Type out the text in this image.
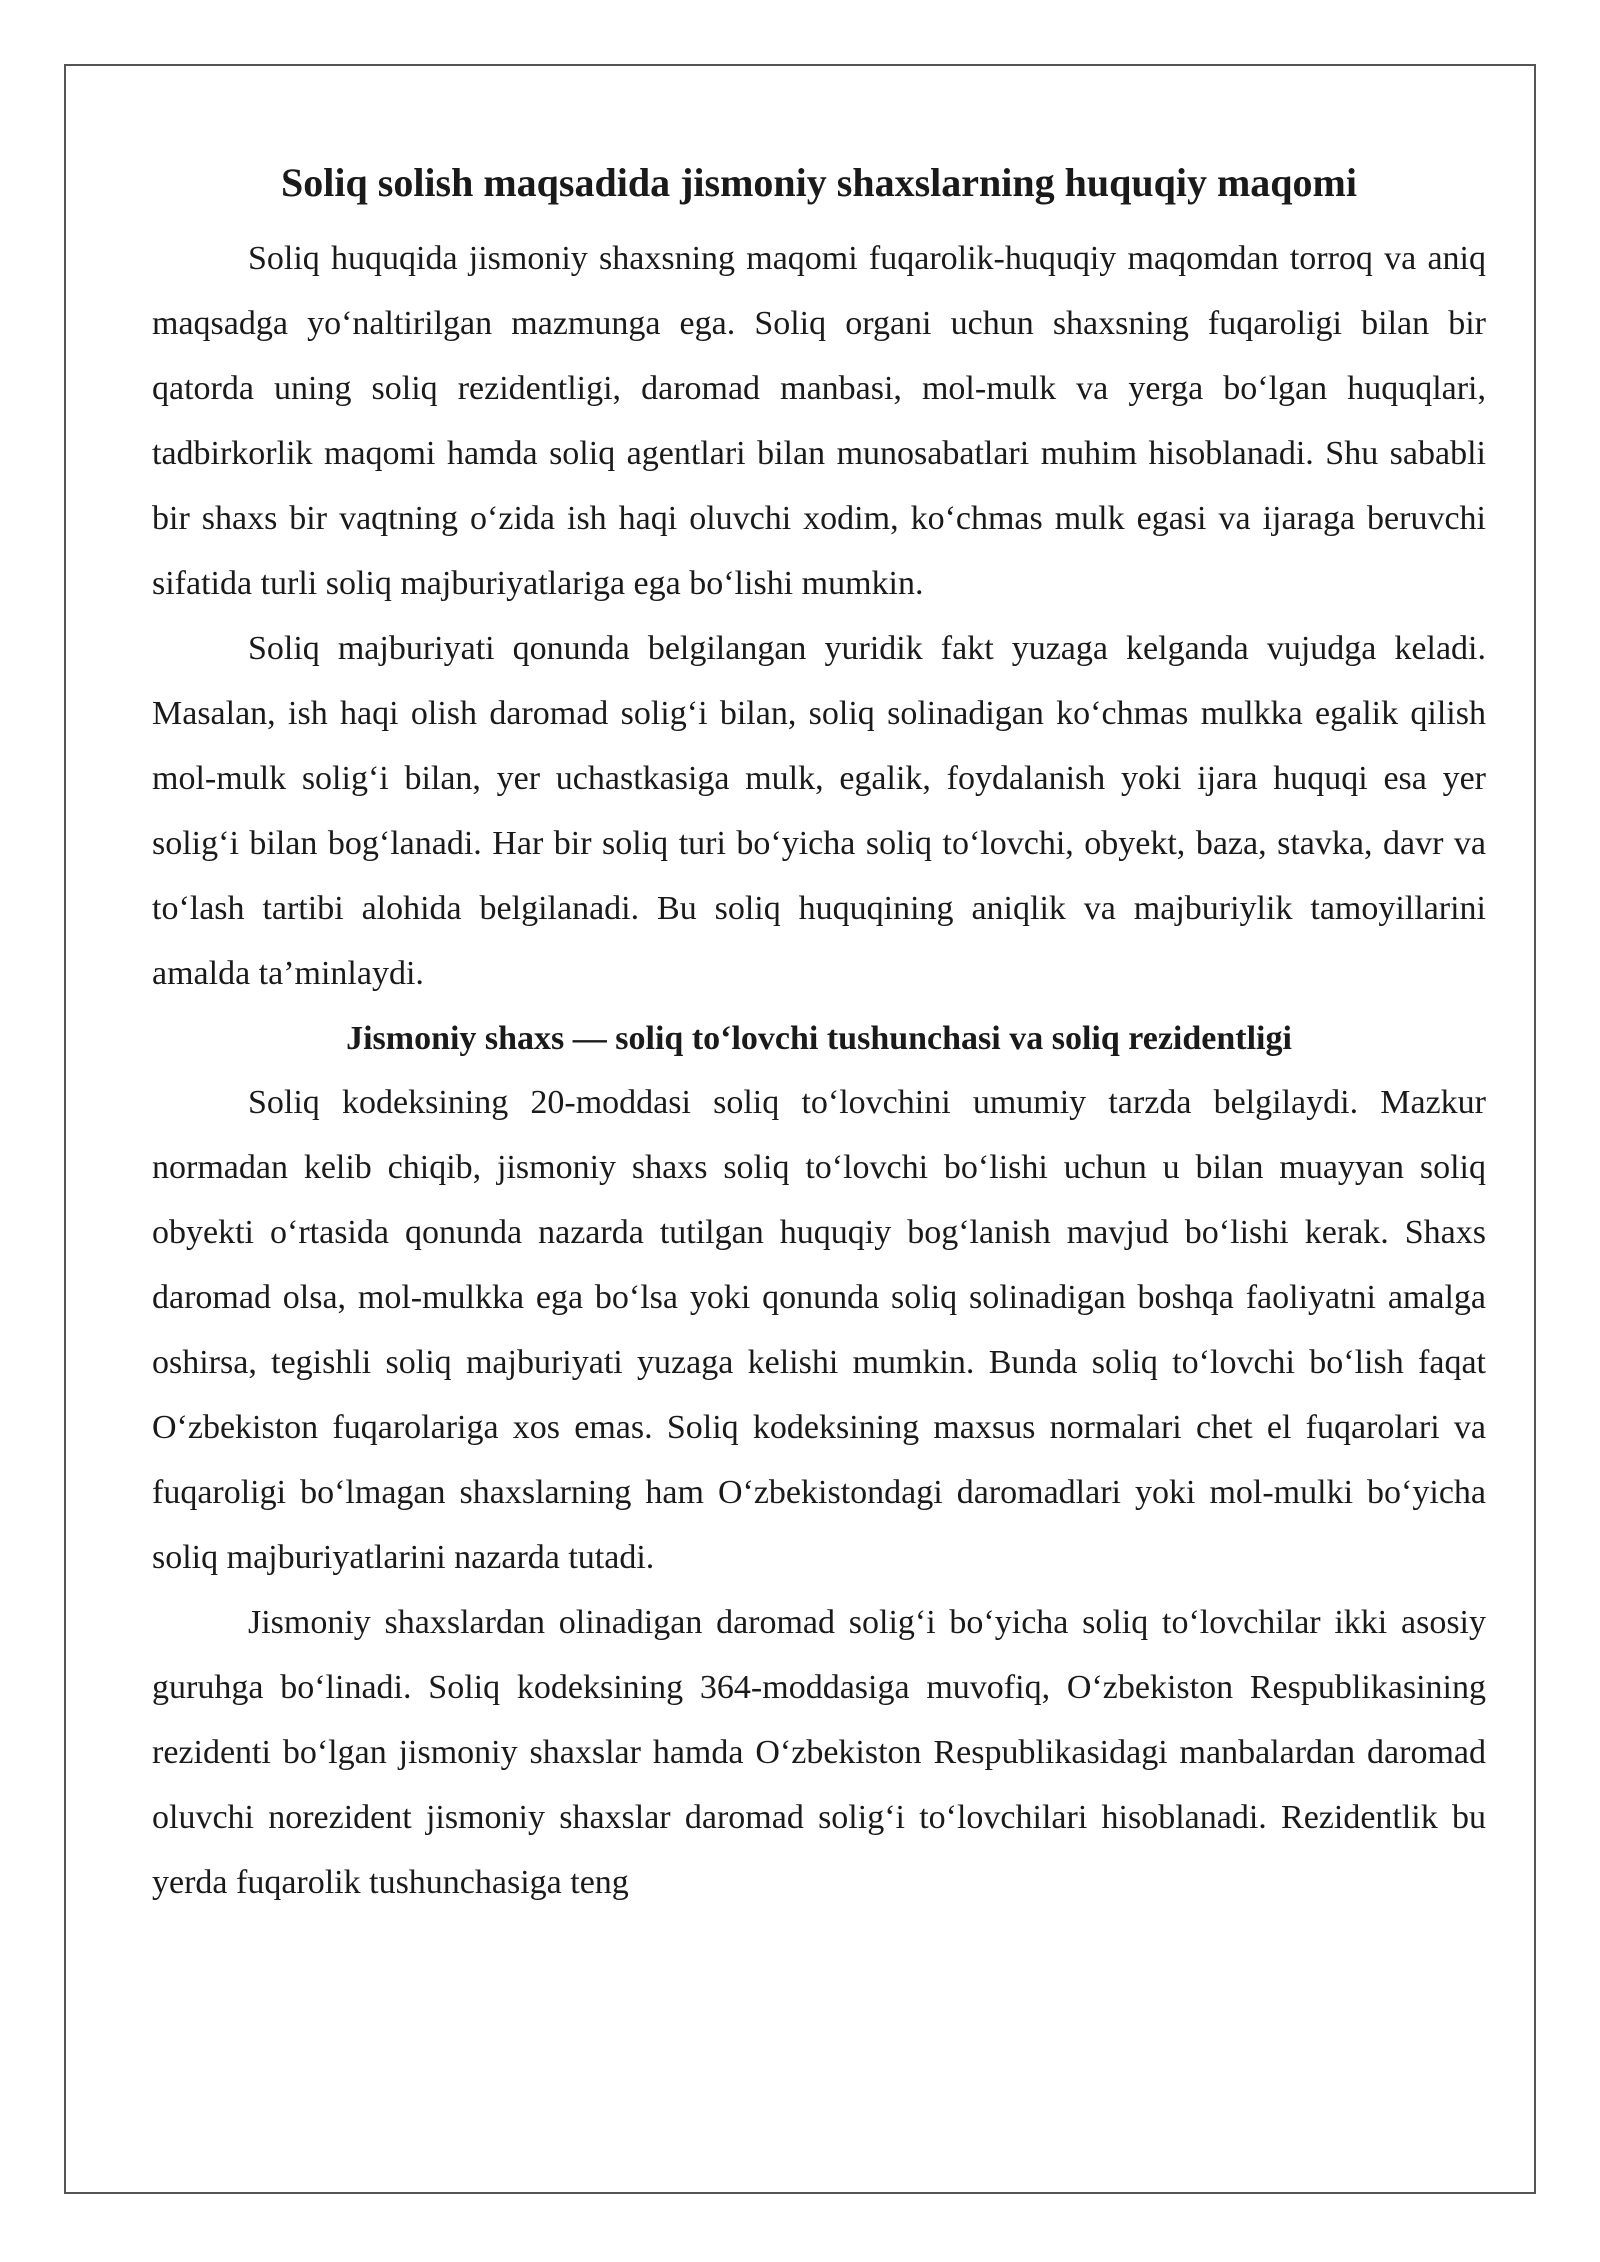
Soliq solish maqsadida jismoniy shaxslarning huquqiy maqomi

Soliq huquqida jismoniy shaxsning maqomi fuqarolik-huquqiy maqomdan torroq va aniq maqsadga yo‘naltirilgan mazmunga ega. Soliq organi uchun shaxsning fuqaroligi bilan bir qatorda uning soliq rezidentligi, daromad manbasi, mol-mulk va yerga bo‘lgan huquqlari, tadbirkorlik maqomi hamda soliq agentlari bilan munosabatlari muhim hisoblanadi. Shu sababli bir shaxs bir vaqtning o‘zida ish haqi oluvchi xodim, ko‘chmas mulk egasi va ijaraga beruvchi sifatida turli soliq majburiyatlariga ega bo‘lishi mumkin.

Soliq majburiyati qonunda belgilangan yuridik fakt yuzaga kelganda vujudga keladi. Masalan, ish haqi olish daromad solig‘i bilan, soliq solinadigan ko‘chmas mulkka egalik qilish mol-mulk solig‘i bilan, yer uchastkasiga mulk, egalik, foydalanish yoki ijara huquqi esa yer solig‘i bilan bog‘lanadi. Har bir soliq turi bo‘yicha soliq to‘lovchi, obyekt, baza, stavka, davr va to‘lash tartibi alohida belgilanadi. Bu soliq huquqining aniqlik va majburiylik tamoyillarini amalda ta’minlaydi.

Jismoniy shaxs — soliq to‘lovchi tushunchasi va soliq rezidentligi

Soliq kodeksining 20-moddasi soliq to‘lovchini umumiy tarzda belgilaydi. Mazkur normadan kelib chiqib, jismoniy shaxs soliq to‘lovchi bo‘lishi uchun u bilan muayyan soliq obyekti o‘rtasida qonunda nazarda tutilgan huquqiy bog‘lanish mavjud bo‘lishi kerak. Shaxs daromad olsa, mol-mulkka ega bo‘lsa yoki qonunda soliq solinadigan boshqa faoliyatni amalga oshirsa, tegishli soliq majburiyati yuzaga kelishi mumkin. Bunda soliq to‘lovchi bo‘lish faqat O‘zbekiston fuqarolariga xos emas. Soliq kodeksining maxsus normalari chet el fuqarolari va fuqaroligi bo‘lmagan shaxslarning ham O‘zbekistondagi daromadlari yoki mol-mulki bo‘yicha soliq majburiyatlarini nazarda tutadi.

Jismoniy shaxslardan olinadigan daromad solig‘i bo‘yicha soliq to‘lovchilar ikki asosiy guruhga bo‘linadi. Soliq kodeksining 364-moddasiga muvofiq, O‘zbekiston Respublikasining rezidenti bo‘lgan jismoniy shaxslar hamda O‘zbekiston Respublikasidagi manbalardan daromad oluvchi norezident jismoniy shaxslar daromad solig‘i to‘lovchilari hisoblanadi. Rezidentlik bu yerda fuqarolik tushunchasiga teng
